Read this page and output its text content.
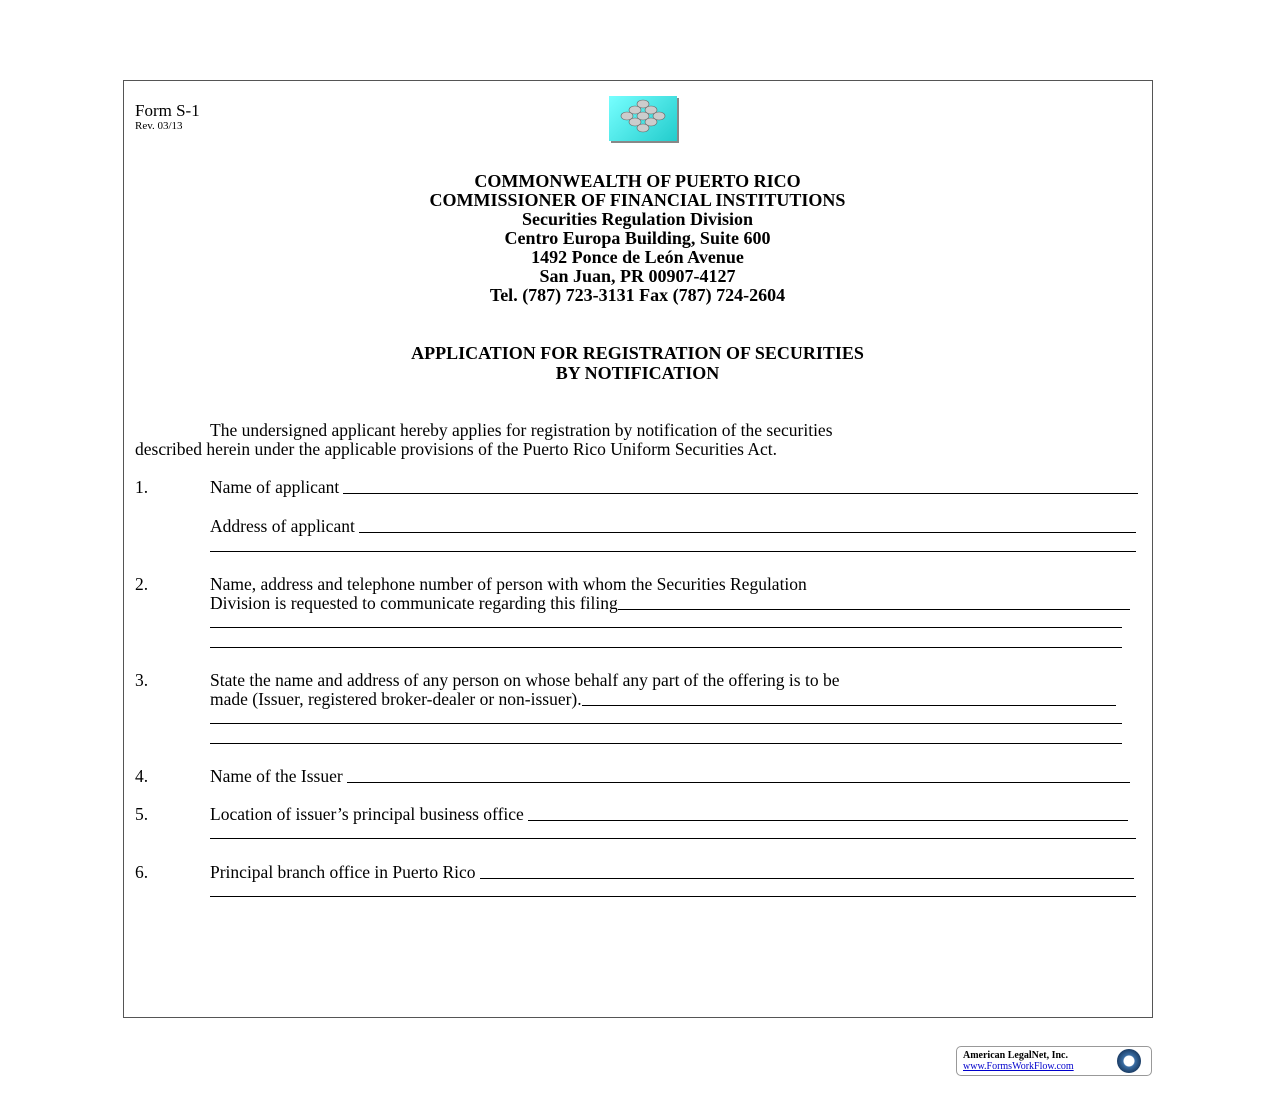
Form S-1
Rev. 03/13
COMMONWEALTH OF PUERTO RICO
COMMISSIONER OF FINANCIAL INSTITUTIONS
Securities Regulation Division
Centro Europa Building, Suite 600
1492 Ponce de León Avenue
San Juan, PR 00907-4127
Tel. (787) 723-3131 Fax (787) 724-2604
APPLICATION FOR REGISTRATION OF SECURITIES
BY NOTIFICATION
The undersigned applicant hereby applies for registration by notification of the securities
described herein under the applicable provisions of the Puerto Rico Uniform Securities Act.
1.	Name of applicant
Address of applicant
2.	Name, address and telephone number of person with whom the Securities Regulation
Division is requested to communicate regarding this filing
3.	State the name and address of any person on whose behalf any part of the offering is to be
made (Issuer, registered broker-dealer or non-issuer).
4.	Name of the Issuer
5.	Location of issuer’s principal business office
6.	Principal branch office in Puerto Rico
American LegalNet, Inc.
www.FormsWorkFlow.com
